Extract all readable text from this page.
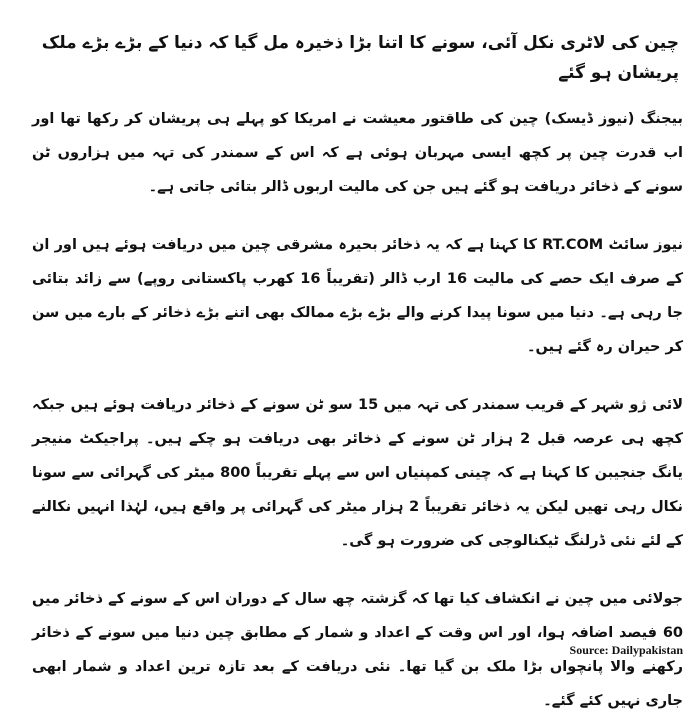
چین کی لاٹری نکل آئی، سونے کا اتنا بڑا ذخیرہ مل گیا کہ دنیا کے بڑے بڑے ملک پریشان ہو گئے

بیجنگ (نیوز ڈیسک) چین کی طاقتور معیشت نے امریکا کو پہلے ہی پریشان کر رکھا تھا اور اب قدرت چین پر کچھ ایسی مہربان ہوئی ہے کہ اس کے سمندر کی تہہ میں ہزاروں ٹن سونے کے ذخائر دریافت ہو گئے ہیں جن کی مالیت اربوں ڈالر بتائی جاتی ہے۔

نیوز سائٹ RT.COM کا کہنا ہے کہ یہ ذخائر بحیرہ مشرقی چین میں دریافت ہوئے ہیں اور ان کے صرف ایک حصے کی مالیت 16 ارب ڈالر (تقریباً 16 کھرب پاکستانی روپے) سے زائد بتائی جا رہی ہے۔ دنیا میں سونا پیدا کرنے والے بڑے بڑے ممالک بھی اتنے بڑے ذخائر کے بارے میں سن کر حیران رہ گئے ہیں۔

لائی ژو شہر کے قریب سمندر کی تہہ میں 15 سو ٹن سونے کے ذخائر دریافت ہوئے ہیں جبکہ کچھ ہی عرصہ قبل 2 ہزار ٹن سونے کے ذخائر بھی دریافت ہو چکے ہیں۔ پراجیکٹ منیجر یانگ جنجیبن کا کہنا ہے کہ چینی کمپنیاں اس سے پہلے تقریباً 800 میٹر کی گہرائی سے سونا نکال رہی تھیں لیکن یہ ذخائر تقریباً 2 ہزار میٹر کی گہرائی پر واقع ہیں، لہٰذا انہیں نکالنے کے لئے نئی ڈرلنگ ٹیکنالوجی کی ضرورت ہو گی۔

جولائی میں چین نے انکشاف کیا تھا کہ گزشتہ چھ سال کے دوران اس کے سونے کے ذخائر میں 60 فیصد اضافہ ہوا، اور اس وقت کے اعداد و شمار کے مطابق چین دنیا میں سونے کے ذخائر رکھنے والا پانچواں بڑا ملک بن گیا تھا۔ نئی دریافت کے بعد تازہ ترین اعداد و شمار ابھی جاری نہیں کئے گئے۔

Source: Dailypakistan
